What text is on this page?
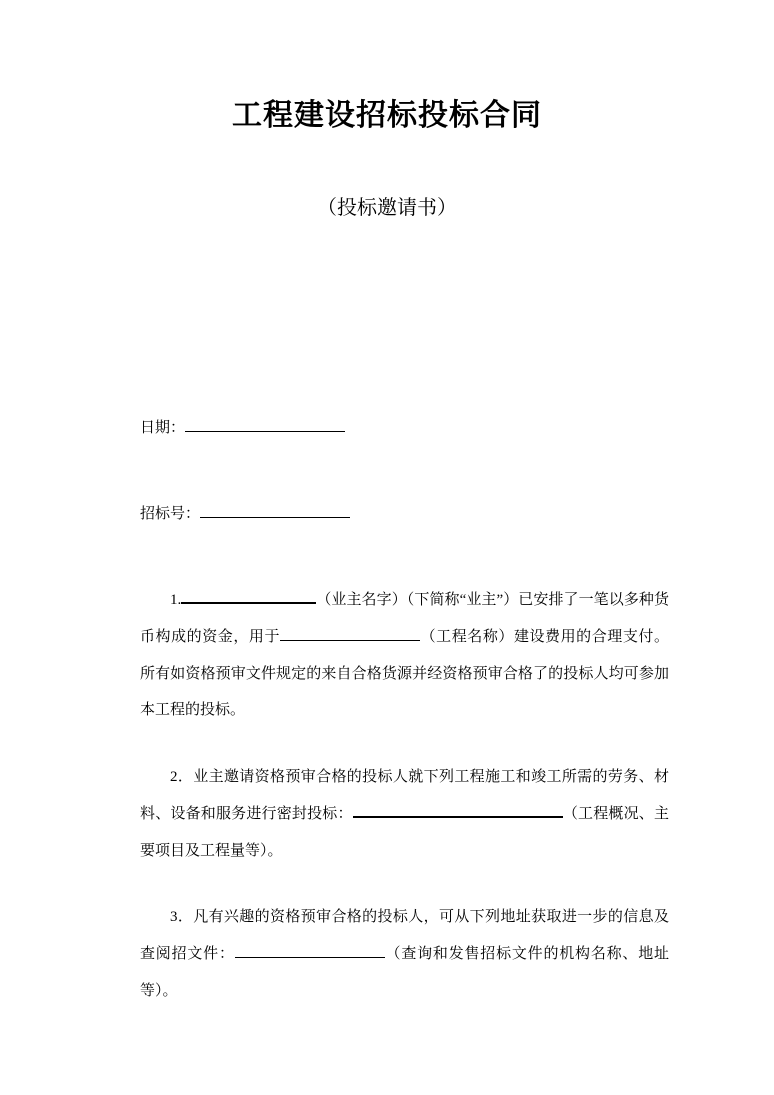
工程建设招标投标合同
（投标邀请书）
日期：
招标号：

1.	（业主名字）（下简称“业主”）已安排了一笔以多种货币构成的资金，用于	（工程名称）建设费用的合理支付。所有如资格预审文件规定的来自合格货源并经资格预审合格了的投标人均可参加本工程的投标。

2．业主邀请资格预审合格的投标人就下列工程施工和竣工所需的劳务、材料、设备和服务进行密封投标：	（工程概况、主要项目及工程量等）。

3．凡有兴趣的资格预审合格的投标人，可从下列地址获取进一步的信息及查阅招文件：	（查询和发售招标文件的机构名称、地址等）。
